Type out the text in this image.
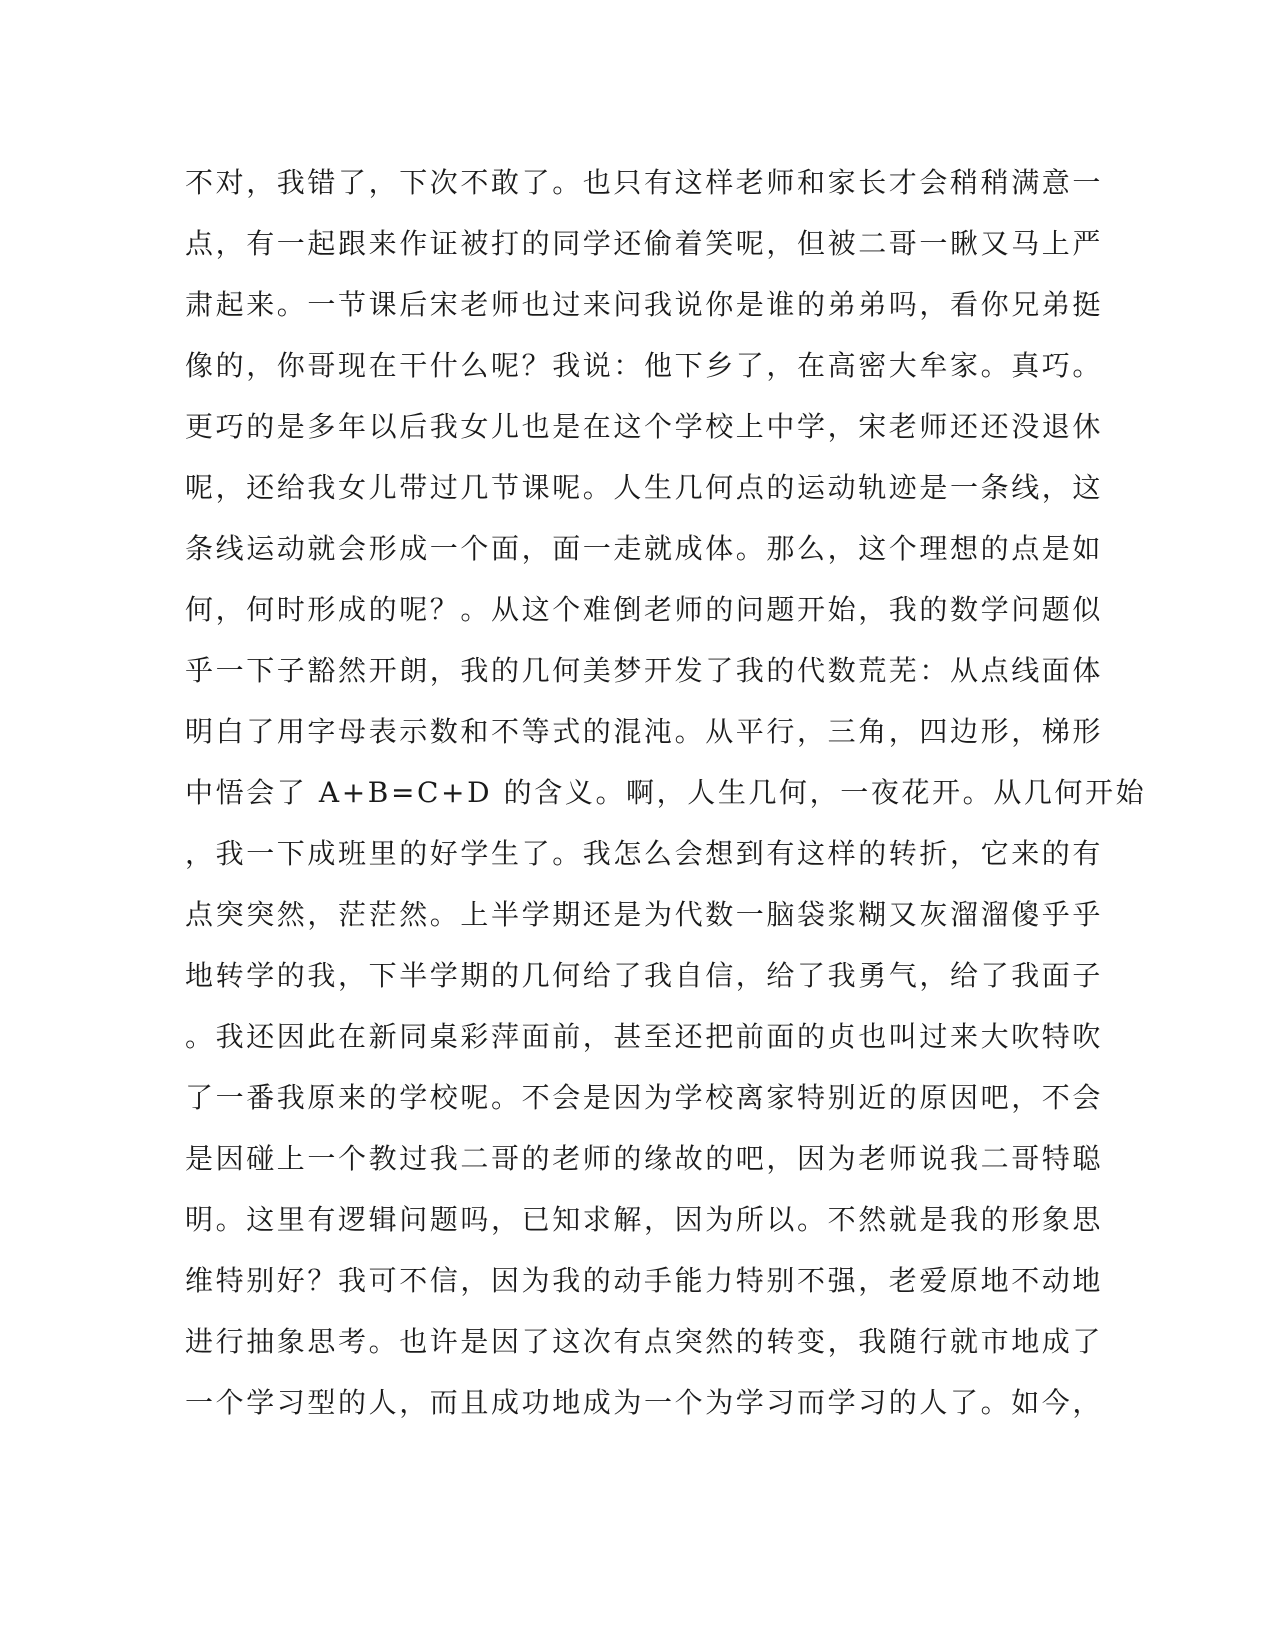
不对，我错了，下次不敢了。也只有这样老师和家长才会稍稍满意一
点，有一起跟来作证被打的同学还偷着笑呢，但被二哥一瞅又马上严
肃起来。一节课后宋老师也过来问我说你是谁的弟弟吗，看你兄弟挺
像的，你哥现在干什么呢？我说：他下乡了，在高密大牟家。真巧。
更巧的是多年以后我女儿也是在这个学校上中学，宋老师还还没退休
呢，还给我女儿带过几节课呢。人生几何点的运动轨迹是一条线，这
条线运动就会形成一个面，面一走就成体。那么，这个理想的点是如
何，何时形成的呢？。从这个难倒老师的问题开始，我的数学问题似
乎一下子豁然开朗，我的几何美梦开发了我的代数荒芜：从点线面体
明白了用字母表示数和不等式的混沌。从平行，三角，四边形，梯形
中悟会了 A+B=C+D 的含义。啊，人生几何，一夜花开。从几何开始
，我一下成班里的好学生了。我怎么会想到有这样的转折，它来的有
点突突然，茫茫然。上半学期还是为代数一脑袋浆糊又灰溜溜傻乎乎
地转学的我，下半学期的几何给了我自信，给了我勇气，给了我面子
。我还因此在新同桌彩萍面前，甚至还把前面的贞也叫过来大吹特吹
了一番我原来的学校呢。不会是因为学校离家特别近的原因吧，不会
是因碰上一个教过我二哥的老师的缘故的吧，因为老师说我二哥特聪
明。这里有逻辑问题吗，已知求解，因为所以。不然就是我的形象思
维特别好？我可不信，因为我的动手能力特别不强，老爱原地不动地
进行抽象思考。也许是因了这次有点突然的转变，我随行就市地成了
一个学习型的人，而且成功地成为一个为学习而学习的人了。如今，
